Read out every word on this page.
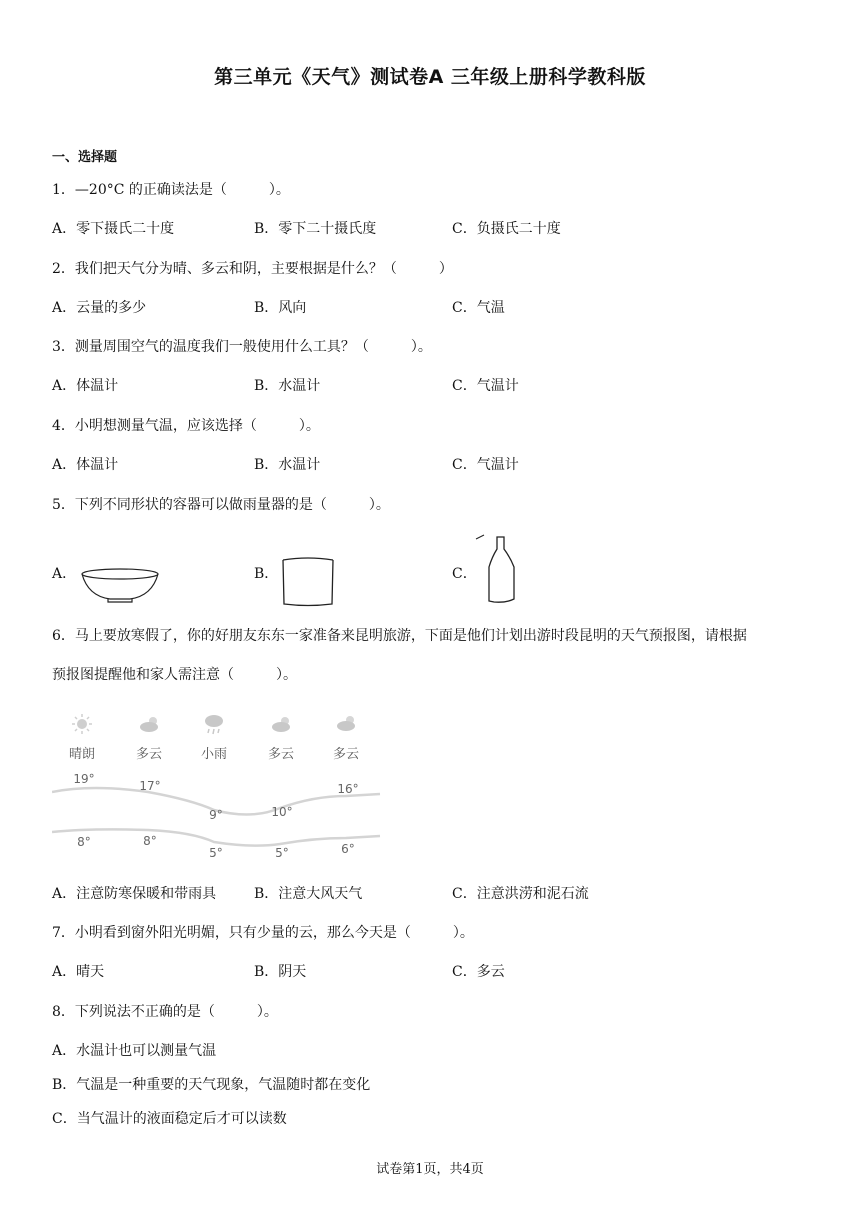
第三单元《天气》测试卷A 三年级上册科学教科版
一、选择题
1．—20°C 的正确读法是（　　　）。
A．零下摄氏二十度	B．零下二十摄氏度	C．负摄氏二十度
2．我们把天气分为晴、多云和阴，主要根据是什么？（　　　）
A．云量的多少	B．风向	C．气温
3．测量周围空气的温度我们一般使用什么工具？（　　　）。
A．体温计	B．水温计	C．气温计
4．小明想测量气温，应该选择（　　　）。
A．体温计	B．水温计	C．气温计
5．下列不同形状的容器可以做雨量器的是（　　　）。
A．	B．	C．
6．马上要放寒假了，你的好朋友东东一家准备来昆明旅游，下面是他们计划出游时段昆明的天气预报图，请根据
预报图提醒他和家人需注意（　　　）。
晴朗	多云	小雨	多云	多云
19°	17°
9°	10°
16°
8°	8°
5°	5°	6°
A．注意防寒保暖和带雨具	B．注意大风天气	C．注意洪涝和泥石流
7．小明看到窗外阳光明媚，只有少量的云，那么今天是（　　　）。
A．晴天	B．阴天	C．多云
8．下列说法不正确的是（　　　）。
A．水温计也可以测量气温
B．气温是一种重要的天气现象，气温随时都在变化
C．当气温计的液面稳定后才可以读数
试卷第1页，共4页
